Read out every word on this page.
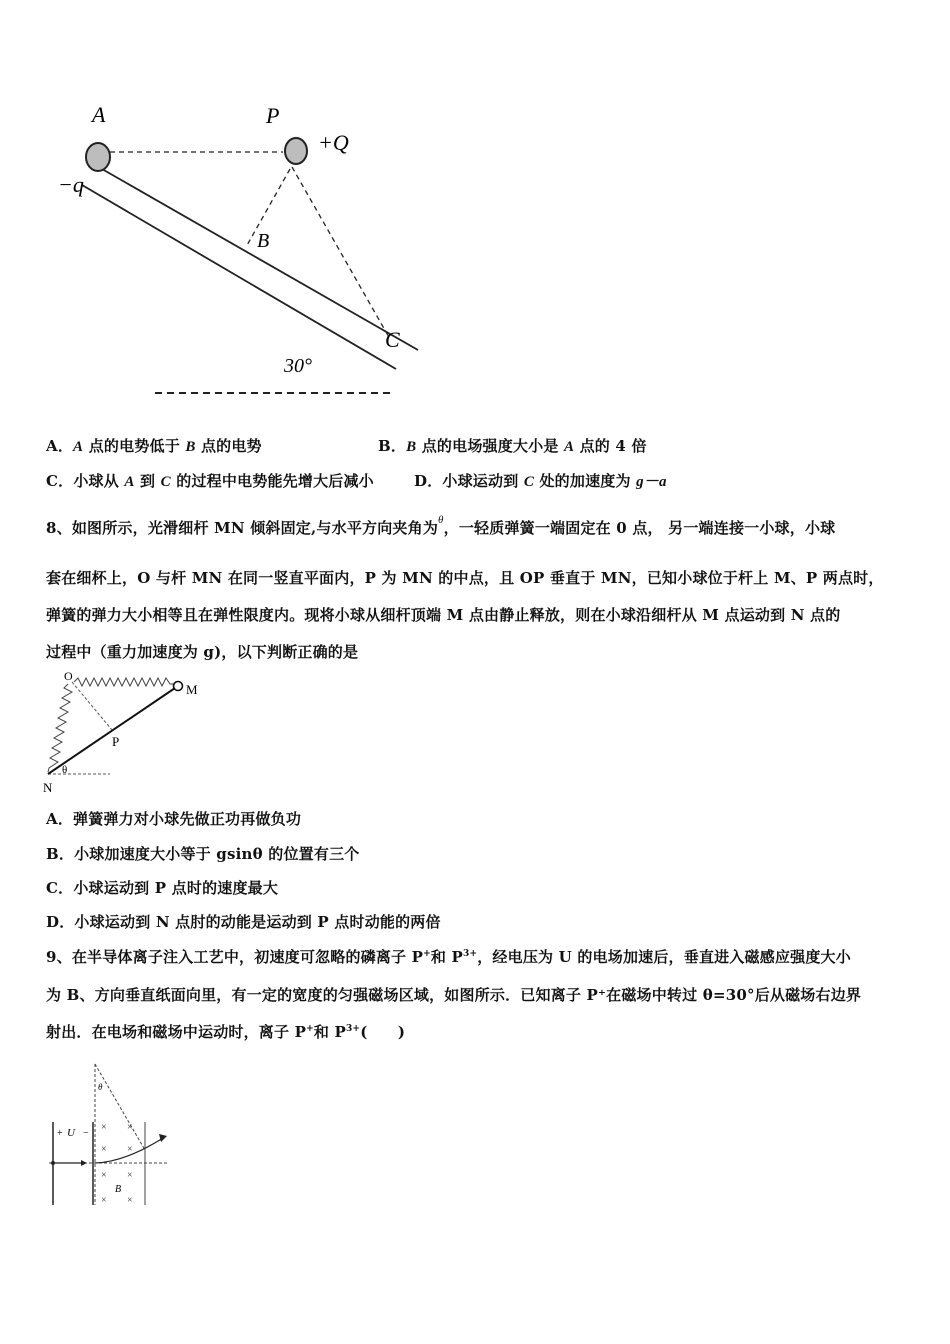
A	P
+Q
−q
B
C
30°
A．A 点的电势低于 B 点的电势	B．B 点的电场强度大小是 A 点的 4 倍
C．小球从 A 到 C 的过程中电势能先增大后减小	D．小球运动到 C 处的加速度为 g－a
8、如图所示，光滑细杆 MN 倾斜固定,与水平方向夹角为$^\theta$，一轻质弹簧一端固定在 0 点， 另一端连接一小球，小球
套在细杯上，O 与杆 MN 在同一竖直平面内，P 为 MN 的中点，且 OP 垂直于 MN，已知小球位于杆上 M、P 两点时，
弹簧的弹力大小相等且在弹性限度内。现将小球从细杆顶端 M 点由静止释放，则在小球沿细杆从 M 点运动到 N 点的
过程中（重力加速度为 g)，以下判断正确的是
O
M
P
N
θ
A．弹簧弹力对小球先做正功再做负功
B．小球加速度大小等于 gsinθ 的位置有三个
C．小球运动到 P 点时的速度最大
D．小球运动到 N 点肘的动能是运动到 P 点时动能的两倍
9、在半导体离子注入工艺中，初速度可忽略的磷离子 P+和 $P^{3+}$，经电压为 U 的电场加速后，垂直进入磁感应强度大小
为 B、方向垂直纸面向里，有一定的宽度的匀强磁场区域，如图所示．已知离子 P⁺在磁场中转过 θ=30°后从磁场右边界
射出．在电场和磁场中运动时，离子 P+和 $P^{3+}$(　　)
× ×
× ×
× ×
× ×
+ U −
B
θ
